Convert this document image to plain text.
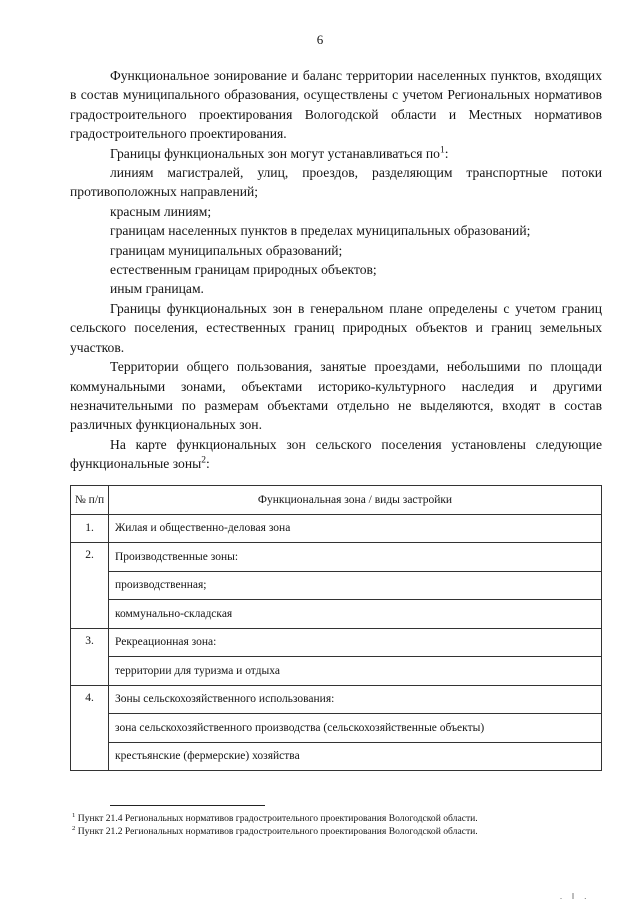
6

Функциональное зонирование и баланс территории населенных пунктов, входящих в состав муниципального образования, осуществлены с учетом Региональных нормативов градостроительного проектирования Вологодской области и Местных нормативов градостроительного проектирования.

Границы функциональных зон могут устанавливаться $по^1$:

линиям магистралей, улиц, проездов, разделяющим транспортные потоки противоположных направлений;

красным линиям;

границам населенных пунктов в пределах муниципальных образований;

границам муниципальных образований;

естественным границам природных объектов;

иным границам.

Границы функциональных зон в генеральном плане определены с учетом границ сельского поселения, естественных границ природных объектов и границ земельных участков.

Территории общего пользования, занятые проездами, небольшими по площади коммунальными зонами, объектами историко-культурного наследия и другими незначительными по размерам объектами отдельно не выделяются, входят в состав различных функциональных зон.

На карте функциональных зон сельского поселения установлены следующие функциональные зоны$^2$:

№ п/п	Функциональная зона / виды застройки
1.	Жилая и общественно-деловая зона
2.	Производственные зоны:
	производственная;
	коммунально-складская
3.	Рекреационная зона:
	территории для туризма и отдыха
4.	Зоны сельскохозяйственного использования:
	зона сельскохозяйственного производства (сельскохозяйственные объекты)
	крестьянские (фермерские) хозяйства

$^1$ Пункт 21.4 Региональных нормативов градостроительного проектирования Вологодской области.

$^2$ Пункт 21.2 Региональных нормативов градостроительного проектирования Вологодской области.

. ‖ .
